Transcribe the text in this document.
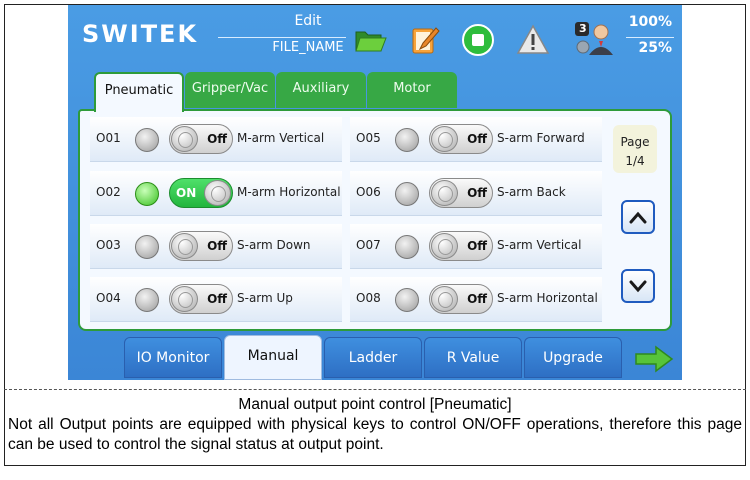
SWITEK	Edit
FILE_NAME
3	100%
25%
Pneumatic	Gripper/Vac	Auxiliary	Motor
O01	Off M-arm Vertical
O02	ON	M-arm Horizontal
O03	Off S-arm Down
O04	Off S-arm Up
O05	Off S-arm Forward
O06	Off S-arm Back
O07	Off S-arm Vertical
O08	Off S-arm Horizontal
Page
1/4
IO Monitor	Manual	Ladder	R Value	Upgrade
Manual output point control [Pneumatic]
Not all Output points are equipped with physical keys to control ON/OFF operations, therefore this page can be used to control the signal status at output point.
